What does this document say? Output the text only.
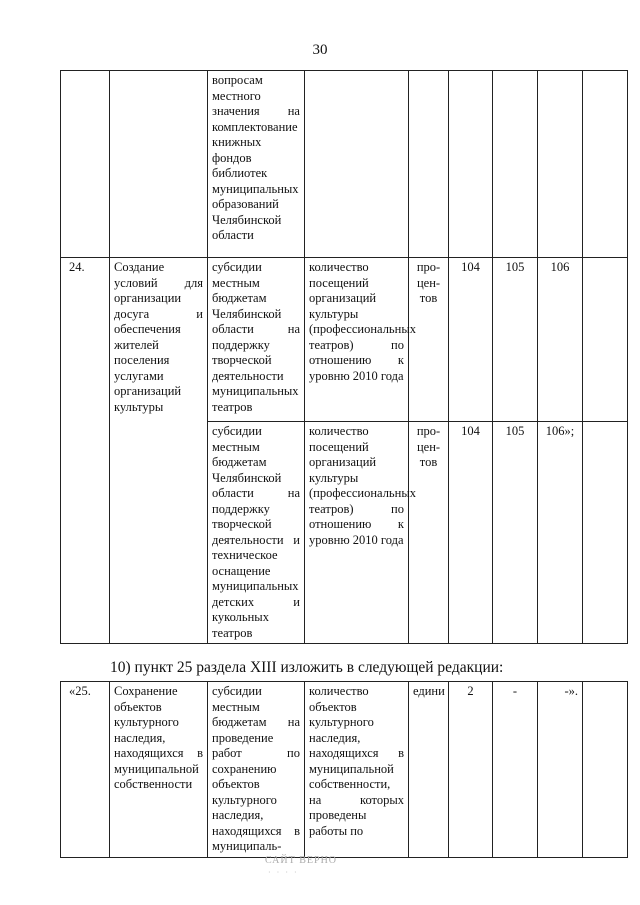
30
		вопросам местного значения на комплектование книжных фондов библиотек муниципальных образований Челябинской области						
24.	Создание условий для организации досуга и обеспечения жителей поселения услугами организаций культуры	субсидии местным бюджетам Челябинской области на поддержку творческой деятельности муниципальных театров	количество посещений организаций культуры (профессиональных театров) по отношению к уровню 2010 года	про-цен-тов	104	105	106	
		субсидии местным бюджетам Челябинской области на поддержку творческой деятельности и техническое оснащение муниципальных детских и кукольных театров	количество посещений организаций культуры (профессиональных театров) по отношению к уровню 2010 года	про-цен-тов	104	105	106»;	
10) пункт 25 раздела XIII изложить в следующей редакции:
«25.	Сохранение объектов культурного наследия, находящихся в муниципальной собственности	субсидии местным бюджетам на проведение работ по сохранению объектов культурного наследия, находящихся в муниципаль-	количество объектов культурного наследия, находящихся в муниципальной собственности, на которых проведены работы по	едини	2	-	-».	
САЙТ ВЕРНО
· · · ·
